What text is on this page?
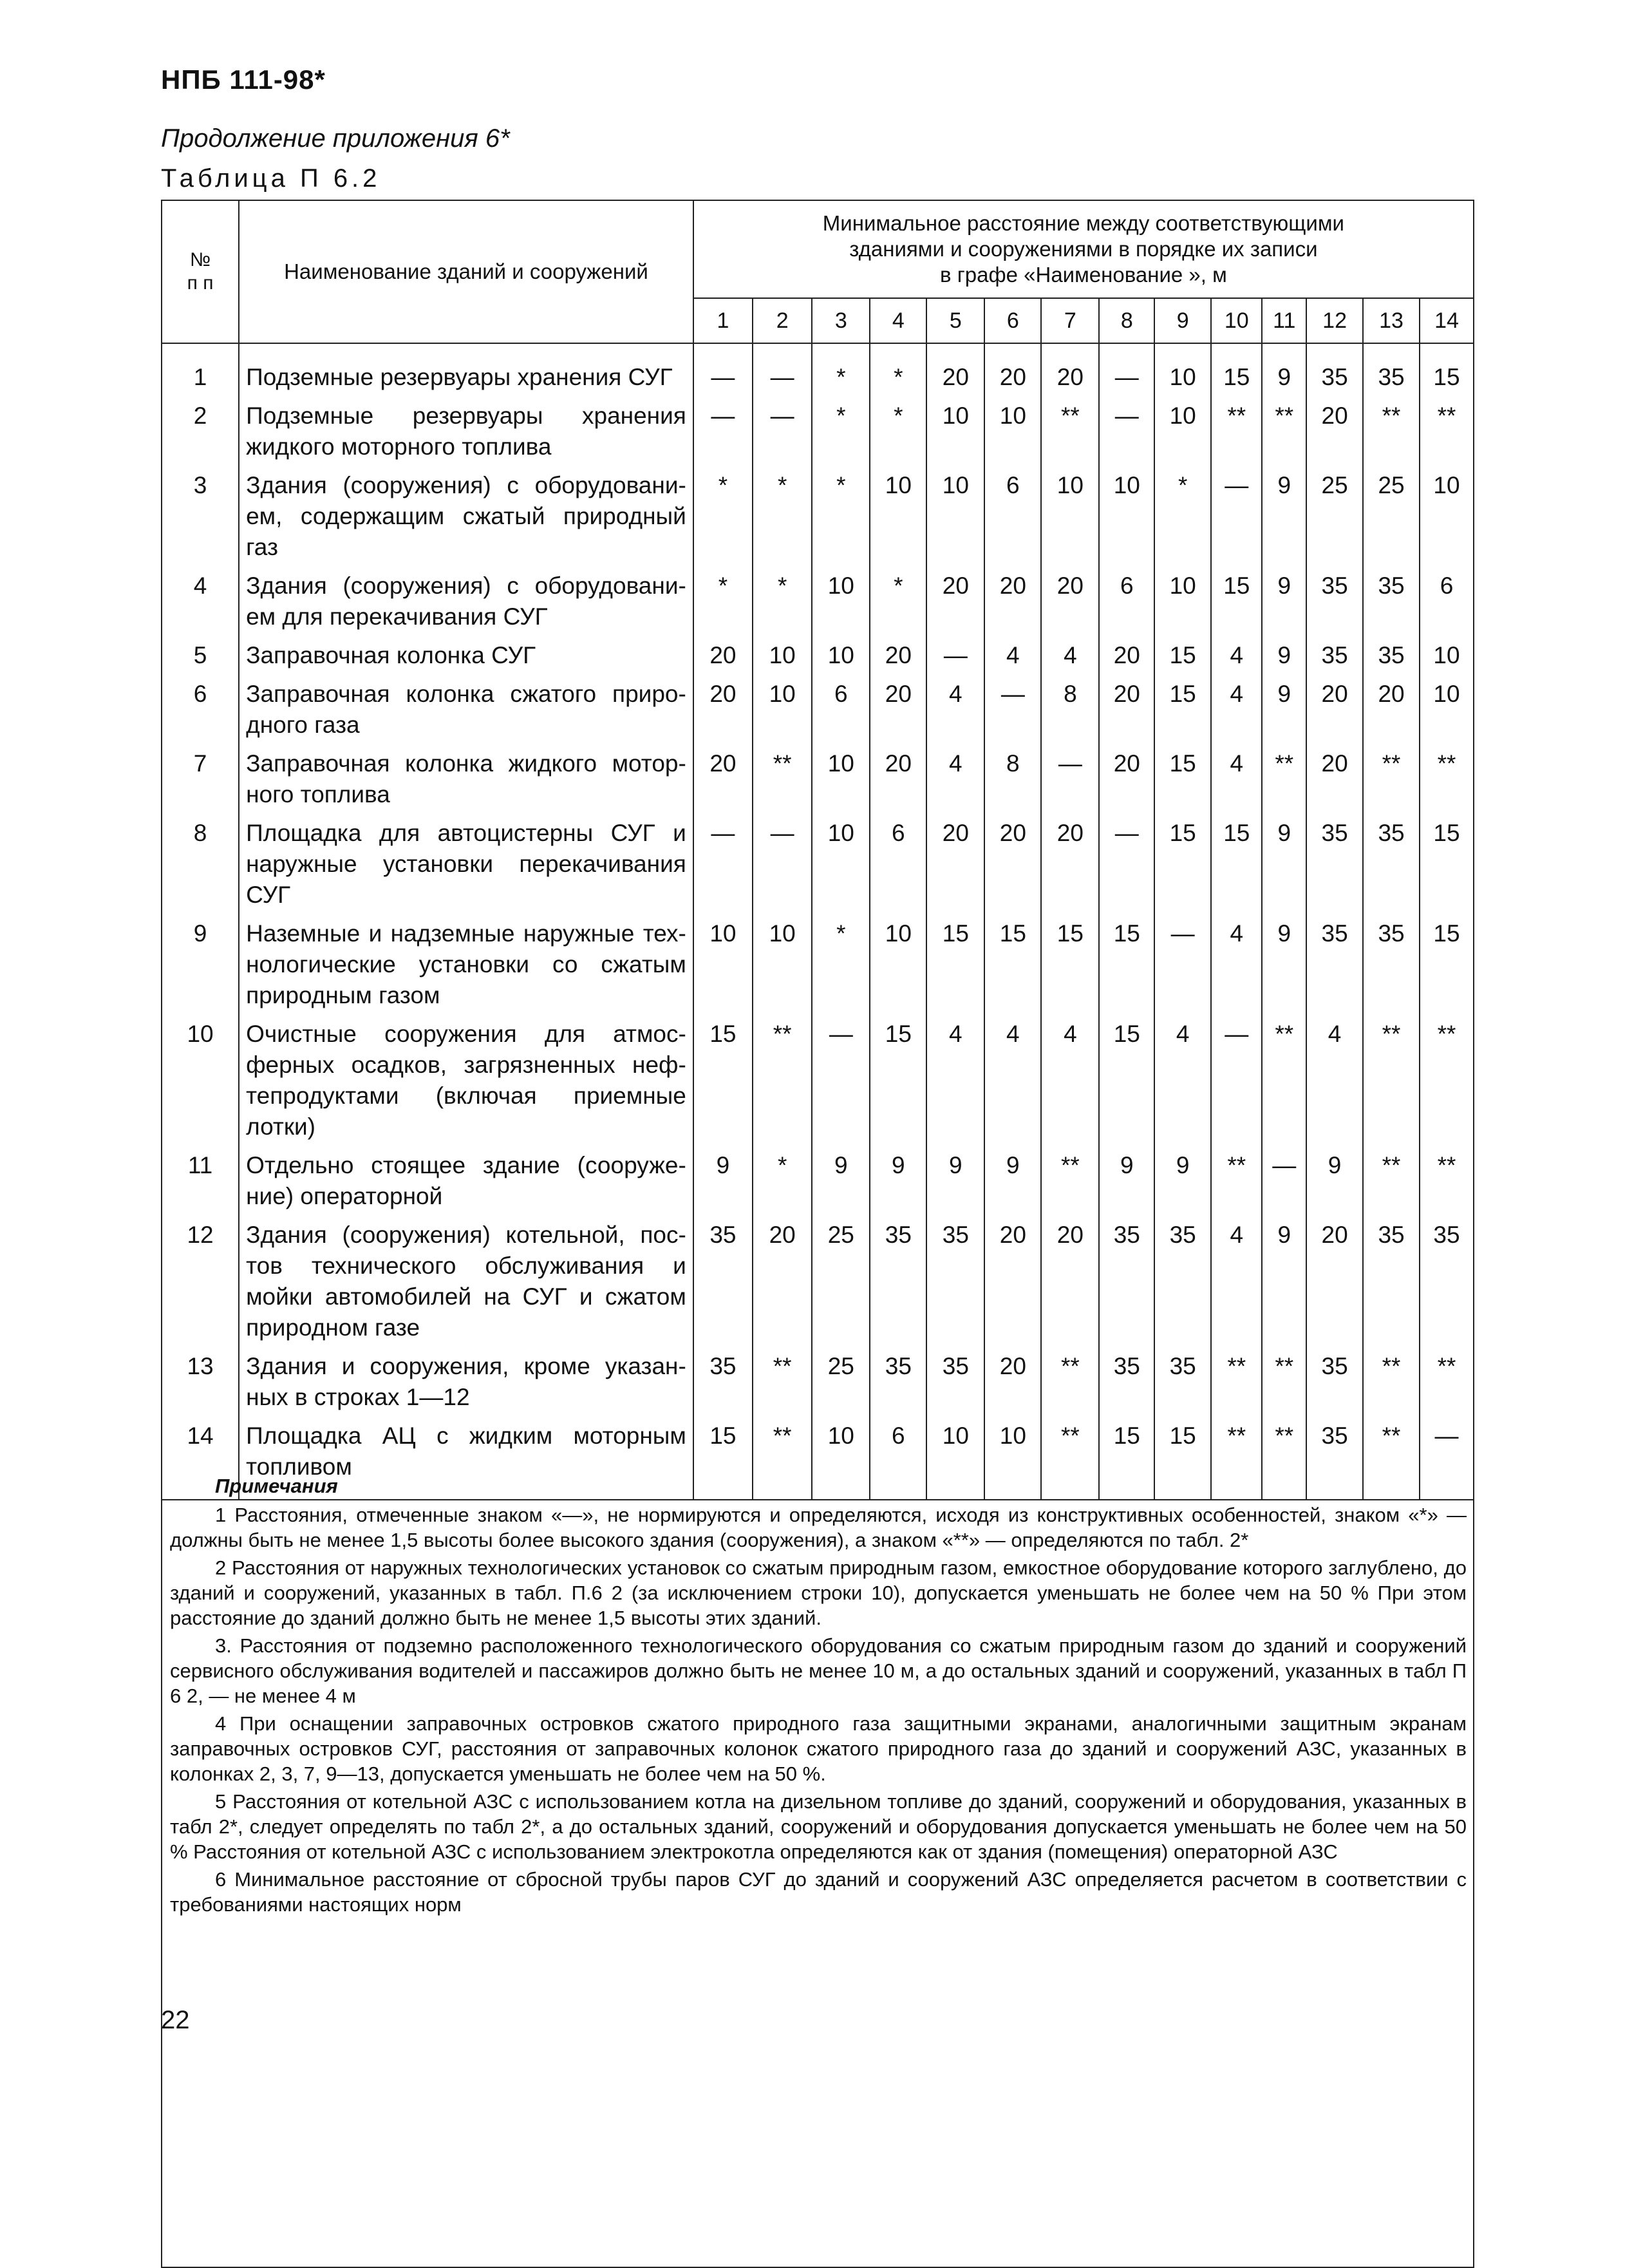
НПБ 111-98*
Продолжение приложения 6*
Таблица П 6.2
№
п п	Наименование зданий и сооружений	Минимальное расстояние между соответствующими
зданиями и сооружениями в порядке их записи
в графе «Наименование », м													
		1	2	3	4	5	6	7	8	9	10	11	12	13	14
1	Подземные резервуары хранения СУГ	—	—	*	*	20	20	20	—	10	15	9	35	35	15
2	Подземные резервуары хранения жидкого моторного топлива	—	—	*	*	10	10	**	—	10	**	**	20	**	**
3	Здания (сооружения) с оборудовани-ем, содержащим сжатый природный газ	*	*	*	10	10	6	10	10	*	—	9	25	25	10
4	Здания (сооружения) с оборудовани-ем для перекачивания СУГ	*	*	10	*	20	20	20	6	10	15	9	35	35	6
5	Заправочная колонка СУГ	20	10	10	20	—	4	4	20	15	4	9	35	35	10
6	Заправочная колонка сжатого приро-дного газа	20	10	6	20	4	—	8	20	15	4	9	20	20	10
7	Заправочная колонка жидкого мотор-ного топлива	20	**	10	20	4	8	—	20	15	4	**	20	**	**
8	Площадка для автоцистерны СУГ и наружные установки перекачивания СУГ	—	—	10	6	20	20	20	—	15	15	9	35	35	15
9	Наземные и надземные наружные тех-нологические установки со сжатым природным газом	10	10	*	10	15	15	15	15	—	4	9	35	35	15
10	Очистные сооружения для атмос-ферных осадков, загрязненных неф-тепродуктами (включая приемные лотки)	15	**	—	15	4	4	4	15	4	—	**	4	**	**
11	Отдельно стоящее здание (сооруже-ние) операторной	9	*	9	9	9	9	**	9	9	**	—	9	**	**
12	Здания (сооружения) котельной, пос-тов технического обслуживания и мойки автомобилей на СУГ и сжатом природном газе	35	20	25	35	35	20	20	35	35	4	9	20	35	35
13	Здания и сооружения, кроме указан-ных в строках 1—12	35	**	25	35	35	20	**	35	35	**	**	35	**	**
14	Площадка АЦ с жидким моторным топливом	15	**	10	6	10	10	**	15	15	**	**	35	**	—
Примечания
1 Расстояния, отмеченные знаком «—», не нормируются и определяются, исходя из конструктивных особенностей, знаком «*» — должны быть не менее 1,5 высоты более высокого здания (сооружения), а знаком «**» — определяются по табл. 2*
2 Расстояния от наружных технологических установок со сжатым природным газом, емкостное оборудование которого заглублено, до зданий и сооружений, указанных в табл. П.6 2 (за исключением строки 10), допускается уменьшать не более чем на 50 % При этом расстояние до зданий должно быть не менее 1,5 высоты этих зданий.
3. Расстояния от подземно расположенного технологического оборудования со сжатым природным газом до зданий и сооружений сервисного обслуживания водителей и пассажиров должно быть не менее 10 м, а до остальных зданий и сооружений, указанных в табл П 6 2, — не менее 4 м
4 При оснащении заправочных островков сжатого природного газа защитными экранами, аналогичными защитным экранам заправочных островков СУГ, расстояния от заправочных колонок сжатого природного газа до зданий и сооружений АЗС, указанных в колонках 2, 3, 7, 9—13, допускается уменьшать не более чем на 50 %.
5 Расстояния от котельной АЗС с использованием котла на дизельном топливе до зданий, сооружений и оборудования, указанных в табл 2*, следует определять по табл 2*, а до остальных зданий, сооружений и оборудования допускается уменьшать не более чем на 50 % Расстояния от котельной АЗС с использованием электрокотла определяются как от здания (помещения) операторной АЗС
6 Минимальное расстояние от сбросной трубы паров СУГ до зданий и сооружений АЗС определяется расчетом в соответствии с требованиями настоящих норм
22
